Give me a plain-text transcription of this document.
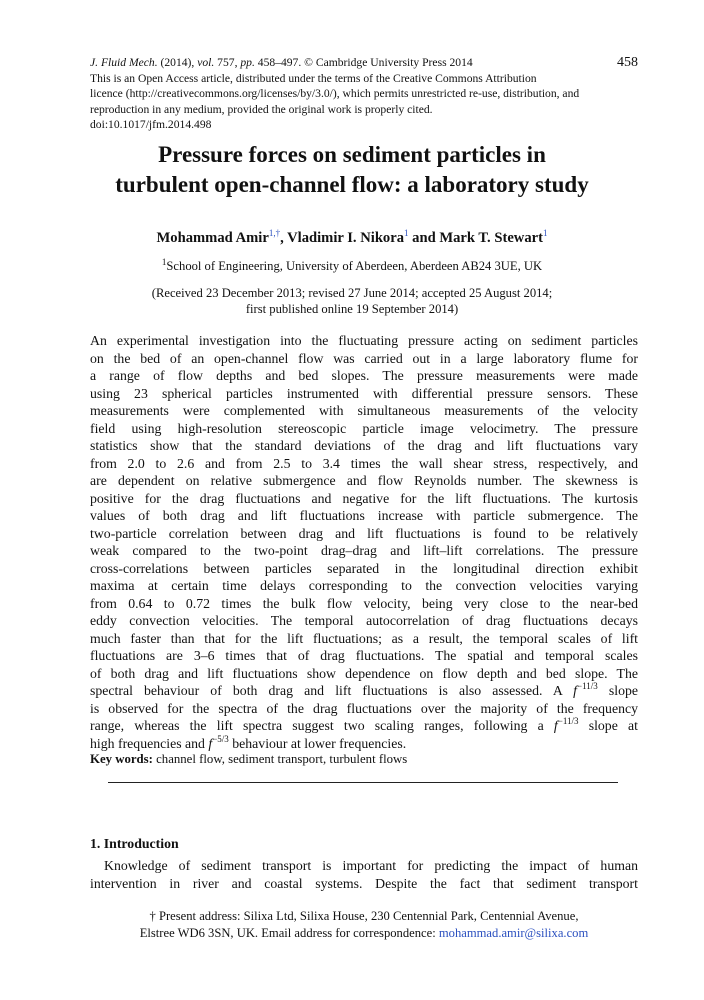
J. Fluid Mech. (2014), vol. 757, pp. 458–497. © Cambridge University Press 2014
This is an Open Access article, distributed under the terms of the Creative Commons Attribution
licence (http://creativecommons.org/licenses/by/3.0/), which permits unrestricted re-use, distribution, and
reproduction in any medium, provided the original work is properly cited.
doi:10.1017/jfm.2014.498
458
Pressure forces on sediment particles in
turbulent open-channel flow: a laboratory study
Mohammad Amir$^{1,\dagger}$, Vladimir I. Nikora$^1$ and Mark T. Stewart$^1$
$^1$School of Engineering, University of Aberdeen, Aberdeen AB24 3UE, UK
(Received 23 December 2013; revised 27 June 2014; accepted 25 August 2014;
first published online 19 September 2014)
An experimental investigation into the fluctuating pressure acting on sediment particles
on the bed of an open-channel flow was carried out in a large laboratory flume for
a range of flow depths and bed slopes. The pressure measurements were made
using 23 spherical particles instrumented with differential pressure sensors. These
measurements were complemented with simultaneous measurements of the velocity
field using high-resolution stereoscopic particle image velocimetry. The pressure
statistics show that the standard deviations of the drag and lift fluctuations vary
from 2.0 to 2.6 and from 2.5 to 3.4 times the wall shear stress, respectively, and
are dependent on relative submergence and flow Reynolds number. The skewness is
positive for the drag fluctuations and negative for the lift fluctuations. The kurtosis
values of both drag and lift fluctuations increase with particle submergence. The
two-particle correlation between drag and lift fluctuations is found to be relatively
weak compared to the two-point drag–drag and lift–lift correlations. The pressure
cross-correlations between particles separated in the longitudinal direction exhibit
maxima at certain time delays corresponding to the convection velocities varying
from 0.64 to 0.72 times the bulk flow velocity, being very close to the near-bed
eddy convection velocities. The temporal autocorrelation of drag fluctuations decays
much faster than that for the lift fluctuations; as a result, the temporal scales of lift
fluctuations are 3–6 times that of drag fluctuations. The spatial and temporal scales
of both drag and lift fluctuations show dependence on flow depth and bed slope. The
spectral behaviour of both drag and lift fluctuations is also assessed. A $f^{-11/3}$ slope
is observed for the spectra of the drag fluctuations over the majority of the frequency
range, whereas the lift spectra suggest two scaling ranges, following a $f^{-11/3}$ slope at
high frequencies and $f^{-5/3}$ behaviour at lower frequencies.
Key words: channel flow, sediment transport, turbulent flows
1. Introduction
Knowledge of sediment transport is important for predicting the impact of human
intervention in river and coastal systems. Despite the fact that sediment transport
† Present address: Silixa Ltd, Silixa House, 230 Centennial Park, Centennial Avenue,
Elstree WD6 3SN, UK. Email address for correspondence: mohammad.amir@silixa.com
